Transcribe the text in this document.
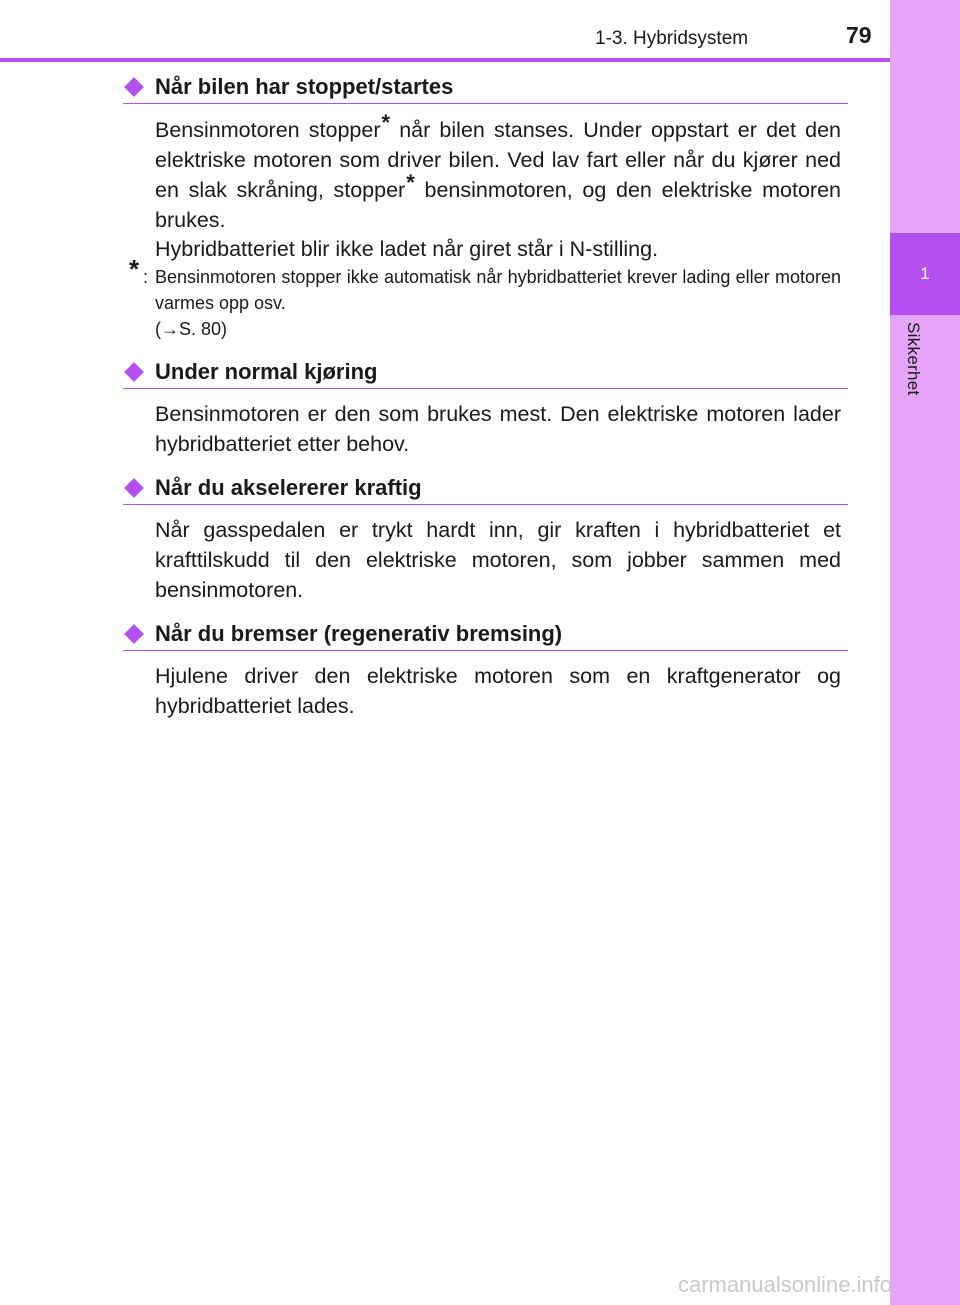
1
Sikkerhet
1-3. Hybridsystem	79
Når bilen har stoppet/startes

Bensinmotoren stopper* når bilen stanses. Under oppstart er det den elektriske motoren som driver bilen. Ved lav fart eller når du kjører ned en slak skråning, stopper* bensinmotoren, og den elektriske motoren brukes.

Hybridbatteriet blir ikke ladet når giret står i N-stilling.

* : Bensinmotoren stopper ikke automatisk når hybridbatteriet krever lading eller motoren varmes opp osv.

(→S. 80)

Under normal kjøring

Bensinmotoren er den som brukes mest. Den elektriske motoren lader hybridbatteriet etter behov.

Når du akselererer kraftig

Når gasspedalen er trykt hardt inn, gir kraften i hybridbatteriet et krafttilskudd til den elektriske motoren, som jobber sammen med bensinmotoren.

Når du bremser (regenerativ bremsing)

Hjulene driver den elektriske motoren som en kraftgenerator og hybridbatteriet lades.

carmanualsonline.info
